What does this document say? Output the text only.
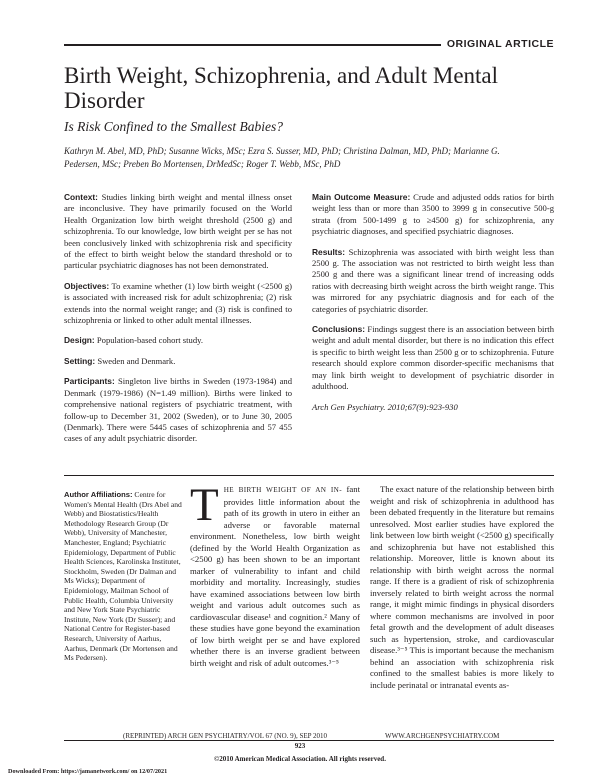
ORIGINAL ARTICLE
Birth Weight, Schizophrenia, and Adult Mental Disorder
Is Risk Confined to the Smallest Babies?
Kathryn M. Abel, MD, PhD; Susanne Wicks, MSc; Ezra S. Susser, MD, PhD; Christina Dalman, MD, PhD; Marianne G. Pedersen, MSc; Preben Bo Mortensen, DrMedSc; Roger T. Webb, MSc, PhD

Context: Studies linking birth weight and mental illness onset are inconclusive. They have primarily focused on the World Health Organization low birth weight threshold (2500 g) and schizophrenia. To our knowledge, low birth weight per se has not been conclusively linked with schizophrenia risk and specificity of the effect to birth weight below the standard threshold or to particular psychiatric diagnoses has not been demonstrated.

Objectives: To examine whether (1) low birth weight (<2500 g) is associated with increased risk for adult schizophrenia; (2) risk extends into the normal weight range; and (3) risk is confined to schizophrenia or linked to other adult mental illnesses.

Design: Population-based cohort study.

Setting: Sweden and Denmark.

Participants: Singleton live births in Sweden (1973-1984) and Denmark (1979-1986) (N=1.49 million). Births were linked to comprehensive national registers of psychiatric treatment, with follow-up to December 31, 2002 (Sweden), or to June 30, 2005 (Denmark). There were 5445 cases of schizophrenia and 57 455 cases of any adult psychiatric disorder.

Main Outcome Measure: Crude and adjusted odds ratios for birth weight less than or more than 3500 to 3999 g in consecutive 500-g strata (from 500-1499 g to ≥4500 g) for schizophrenia, any psychiatric diagnoses, and specified psychiatric diagnoses.

Results: Schizophrenia was associated with birth weight less than 2500 g. The association was not restricted to birth weight less than 2500 g and there was a significant linear trend of increasing odds ratios with decreasing birth weight across the birth weight range. This was mirrored for any psychiatric diagnosis and for each of the categories of psychiatric disorder.

Conclusions: Findings suggest there is an association between birth weight and adult mental disorder, but there is no indication this effect is specific to birth weight less than 2500 g or to schizophrenia. Future research should explore common disorder-specific mechanisms that may link birth weight to development of psychiatric disorder in adulthood.

Arch Gen Psychiatry. 2010;67(9):923-930

Author Affiliations: Centre for Women's Mental Health (Drs Abel and Webb) and Biostatistics/Health Methodology Research Group (Dr Webb), University of Manchester, Manchester, England; Psychiatric Epidemiology, Department of Public Health Sciences, Karolinska Institutet, Stockholm, Sweden (Dr Dalman and Ms Wicks); Department of Epidemiology, Mailman School of Public Health, Columbia University and New York State Psychiatric Institute, New York (Dr Susser); and National Centre for Register-based Research, University of Aarhus, Aarhus, Denmark (Dr Mortensen and Ms Pedersen).

THE BIRTH WEIGHT OF AN IN- fant provides little information about the path of its growth in utero in either an adverse or favorable maternal environment. Nonetheless, low birth weight (defined by the World Health Organization as <2500 g) has been shown to be an important marker of vulnerability to infant and child morbidity and mortality. Increasingly, studies have examined associations between low birth weight and various adult outcomes such as cardiovascular disease¹ and cognition.² Many of these studies have gone beyond the examination of low birth weight per se and have explored whether there is an inverse gradient between birth weight and risk of adult outcomes.³⁻⁵

The exact nature of the relationship between birth weight and risk of schizophrenia in adulthood has been debated frequently in the literature but remains unresolved. Most earlier studies have explored the link between low birth weight (<2500 g) specifically and schizophrenia but have not established this relationship. Moreover, little is known about its relationship with birth weight across the normal range. If there is a gradient of risk of schizophrenia inversely related to birth weight across the normal range, it might mimic findings in physical disorders where common mechanisms are involved in poor fetal growth and the development of adult diseases such as hypertension, stroke, and cardiovascular disease.³⁻⁵ This is important because the mechanism behind an association with schizophrenia risk confined to the smallest babies is more likely to include perinatal or intranatal events as-

(REPRINTED) ARCH GEN PSYCHIATRY/VOL 67 (NO. 9), SEP 2010	WWW.ARCHGENPSYCHIATRY.COM
923
©2010 American Medical Association. All rights reserved.
Downloaded From: https://jamanetwork.com/ on 12/07/2021
